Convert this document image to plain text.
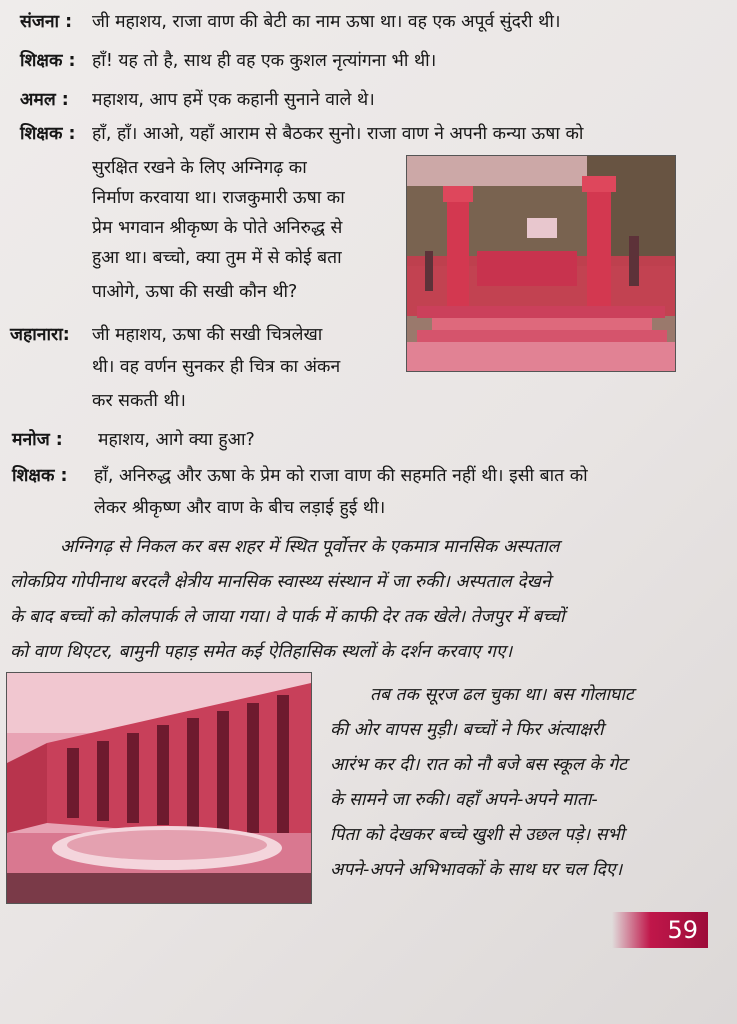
संजना : जी महाशय, राजा वाण की बेटी का नाम ऊषा था। वह एक अपूर्व सुंदरी थी।
शिक्षक : हाँ! यह तो है, साथ ही वह एक कुशल नृत्यांगना भी थी।
अमल : महाशय, आप हमें एक कहानी सुनाने वाले थे।
शिक्षक : हाँ, हाँ। आओ, यहाँ आराम से बैठकर सुनो। राजा वाण ने अपनी कन्या ऊषा को
सुरक्षित रखने के लिए अग्निगढ़ का
निर्माण करवाया था। राजकुमारी ऊषा का
प्रेम भगवान श्रीकृष्ण के पोते अनिरुद्ध से
हुआ था। बच्चो, क्या तुम में से कोई बता
पाओगे, ऊषा की सखी कौन थी?
जहानारा: जी महाशय, ऊषा की सखी चित्रलेखा
थी। वह वर्णन सुनकर ही चित्र का अंकन
कर सकती थी।
मनोज : महाशय, आगे क्या हुआ?
शिक्षक : हाँ, अनिरुद्ध और ऊषा के प्रेम को राजा वाण की सहमति नहीं थी। इसी बात को
लेकर श्रीकृष्ण और वाण के बीच लड़ाई हुई थी।
अग्निगढ़ से निकल कर बस शहर में स्थित पूर्वोत्तर के एकमात्र मानसिक अस्पताल
लोकप्रिय गोपीनाथ बरदलै क्षेत्रीय मानसिक स्वास्थ्य संस्थान में जा रुकी। अस्पताल देखने
के बाद बच्चों को कोलपार्क ले जाया गया। वे पार्क में काफी देर तक खेले। तेजपुर में बच्चों
को वाण थिएटर, बामुनी पहाड़ समेत कई ऐतिहासिक स्थलों के दर्शन करवाए गए।
तब तक सूरज ढल चुका था। बस गोलाघाट
की ओर वापस मुड़ी। बच्चों ने फिर अंत्याक्षरी
आरंभ कर दी। रात को नौ बजे बस स्कूल के गेट
के सामने जा रुकी। वहाँ अपने-अपने माता-
पिता को देखकर बच्चे खुशी से उछल पड़े। सभी
अपने-अपने अभिभावकों के साथ घर चल दिए।
59
